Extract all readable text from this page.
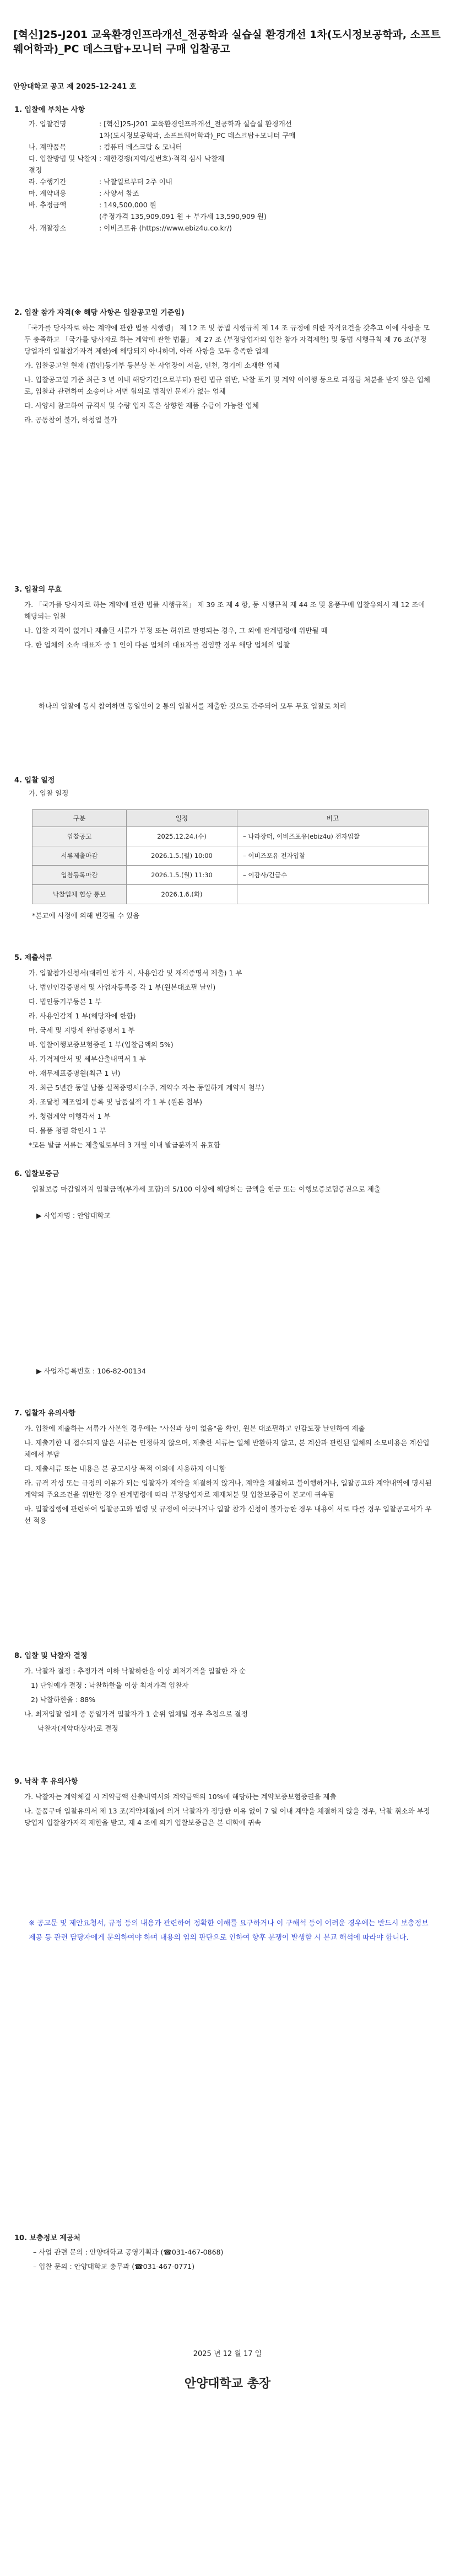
[혁신]25-J201 교육환경인프라개선_전공학과 실습실 환경개선 1차(도시정보공학과, 소프트웨어학과)_PC 데스크탑+모니터 구매 입찰공고
안양대학교 공고 제 2025-12-241 호
1. 입찰에 부치는 사항
가. 입찰건명	: [혁신]25-J201 교육환경인프라개선_전공학과 실습실 환경개선
1차(도시정보공학과, 소프트웨어학과)_PC 데스크탑+모니터 구매
나. 계약품목	: 컴퓨터 데스크탑 & 모니터
다. 입찰방법 및 낙찰자결정
: 제한경쟁(지역/실번호)·적격 심사 낙찰제
라. 수행기간	: 낙찰일로부터 2주 이내
마. 계약내용	: 사양서 참조
바. 추정금액	: 149,500,000 원
(추정가격 135,909,091 원 + 부가세 13,590,909 원)
사. 개찰장소	: 이비즈포유 (https://www.ebiz4u.co.kr/)
2. 입찰 참가 자격(※ 해당 사항은 입찰공고일 기준임)

「국가를 당사자로 하는 계약에 관한 법률 시행령」 제 12 조 및 동법 시행규칙 제 14 조 규정에 의한 자격요건을 갖추고 이에 사항을 모두 충족하고 「국가를 당사자로 하는 계약에 관한 법률」 제 27 조 (부정당업자의 입찰 참가 자격제한) 및 동법 시행규칙 제 76 조(부정당업자의 입찰참가자격 제한)에 해당되지 아니하며, 아래 사항을 모두 충족한 업체

가. 입찰공고일 현재 (법인)등기부 등본상 본 사업장이 서울, 인천, 경기에 소재한 업체

나. 입찰공고일 기준 최근 3 년 이내 해당기간(으로부터) 관련 법규 위반, 낙찰 포기 및 계약 이이행 등으로 과징금 처분을 받지 않은 업체로, 입찰과 관련하여 소송이나 서면 협의로 법적인 문제가 없는 업체

다. 사양서 참고하여 규격서 및 수량 입자 혹은 상향한 제품 수급이 가능한 업체

라. 공동참여 불가, 하청업 불가

3. 입찰의 무효

가. 「국가를 당사자로 하는 계약에 관한 법률 시행규칙」 제 39 조 제 4 항, 동 시행규칙 제 44 조 및 용품구매 입찰유의서 제 12 조에 해당되는 입찰

나. 입찰 자격이 없거나 제출된 서류가 부정 또는 허위로 판명되는 경우, 그 외에 관계법령에 위반될 때

다. 한 업체의 소속 대표자 중 1 인이 다른 업체의 대표자를 겸임할 경우 해당 업체의 입찰

하나의 입찰에 동시 참여하면 동일인이 2 통의 입찰서를 제출한 것으로 간주되어 모두 무효 입찰로 처리
4. 입찰 일정
가. 입찰 일정
구분	일정	비고
입찰공고	2025.12.24.(수)	– 나라장터, 이비즈포유(ebiz4u) 전자입찰
서류제출마감	2026.1.5.(월) 10:00	– 이비즈포유 전자입찰
입찰등록마감	2026.1.5.(월) 11:30	– 이감사/긴급수
낙찰업체 협상 통보	2026.1.6.(화)	
*본교에 사정에 의해 변경될 수 있음
5. 제출서류

가. 입찰참가신청서(대리인 참가 시, 사용인감 및 재직증명서 제출) 1 부

나. 법인인감증명서 및 사업자등록증 각 1 부(원본대조필 날인)

다. 법인등기부등본 1 부

라. 사용인감계 1 부(해당자에 한함)

마. 국세 및 지방세 완납증명서 1 부

바. 입찰이행보증보험증권 1 부(입찰금액의 5%)

사. 가격제안서 및 세부산출내역서 1 부

아. 재무제표증명원(최근 1 년)

자. 최근 5년간 동일 납품 실적증명서(수주, 계약수 자는 동일하게 계약서 첨부)

차. 조달청 제조업체 등록 및 납품실적 각 1 부 (원본 첨부)

카. 청렴계약 이행각서 1 부

타. 물품 청렴 확인서 1 부

*모든 발급 서류는 제출일로부터 3 개월 이내 발급분까지 유효함

6. 입찰보증금
입찰보증 마감일까지 입찰금액(부가세 포함)의 5/100 이상에 해당하는 금액을 현금 또는 이행보증보험증권으로 제출
▶ 사업자명 : 안양대학교
▶ 사업자등록번호 : 106-82-00134
7. 입찰자 유의사항

가. 입찰에 제출하는 서류가 사본일 경우에는 "사실과 상이 없음"을 확인, 원본 대조필하고 인감도장 날인하여 제출

나. 제출기한 내 접수되지 않은 서류는 인정하지 않으며, 제출한 서류는 일체 반환하지 않고, 본 계산과 관련된 일체의 소모비용은 계산업체에서 부담

다. 제출서류 또는 내용은 본 공고서상 목적 이외에 사용하지 아니함

라. 규격 작성 또는 규정의 이유가 되는 입찰자가 계약을 체결하지 않거나, 계약을 체결하고 불이행하거나, 입찰공고와 계약내역에 명시된 계약의 주요조건을 위반한 경우 관계법령에 따라 부정당업자로 제재처분 및 입찰보증금이 본교에 귀속됨

마. 입찰집행에 관련하여 입찰공고와 법령 및 규정에 어긋나거나 입찰 참가 신청이 불가능한 경우 내용이 서로 다를 경우 입찰공고서가 우선 적용

8. 입찰 및 낙찰자 결정

가. 낙찰자 결정 : 추정가격 이하 낙찰하한율 이상 최저가격을 입찰한 자 순

1) 단일예가 결정 : 낙찰하한율 이상 최저가격 입찰자

2) 낙찰하한율 : 88%

나. 최저입찰 업체 중 동일가격 입찰자가 1 순위 업체일 경우 추첨으로 결정

낙찰자(계약대상자)로 결정

9. 낙착 후 유의사항

가. 낙찰자는 계약체결 시 계약금액 산출내역서와 계약금액의 10%에 해당하는 계약보증보험증권을 제출

나. 물품구매 입찰유의서 제 13 조(계약체결)에 의거 낙찰자가 정당한 이유 없이 7 일 이내 계약을 체결하지 않을 경우, 낙찰 취소와 부정당업자 입찰참가자격 제한을 받고, 제 4 조에 의거 입찰보증금은 본 대학에 귀속

※ 공고문 및 제안요청서, 규정 등의 내용과 관련하여 정확한 이해를 요구하거나 이 구해석 등이 어려운 경우에는 반드시 보충정보 제공 등 관련 담당자에게 문의하여야 하며 내용의 임의 판단으로 인하여 향후 분쟁이 발생할 시 본교 해석에 따라야 합니다.
10. 보충정보 제공처

– 사업 관련 문의 : 안양대학교 공영기획과 (☎031-467-0868)

– 입찰 문의 : 안양대학교 총무과 (☎031-467-0771)

2025 년 12 월 17 일
안양대학교 총장
